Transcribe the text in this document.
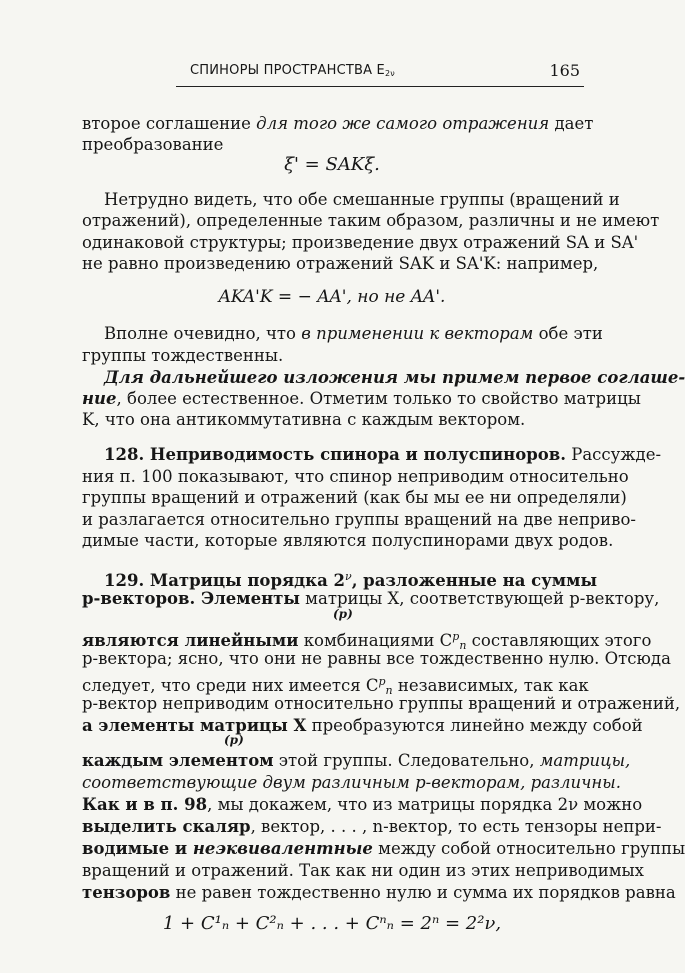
СПИНОРЫ ПРОСТРАНСТВА $E_{2\nu}$	165
второе соглашение для того же самого отражения дает
преобразование
ξ' = SAKξ.
Нетрудно видеть, что обе смешанные группы (вращений и
отражений), определенные таким образом, различны и не имеют
одинаковой структуры; произведение двух отражений SA и SA'
не равно произведению отражений SAK и SA'K: например,
AKA'K = − AA', но не AA'.
Вполне очевидно, что в применении к векторам обе эти
группы тождественны.
Для дальнейшего изложения мы примем первое соглаше-
ние, более естественное. Отметим только то свойство матрицы
K, что она антикоммутативна с каждым вектором.
128. Неприводимость спинора и полуспиноров. Рассужде-
ния п. 100 показывают, что спинор неприводим относительно
группы вращений и отражений (как бы мы ее ни определяли)
и разлагается относительно группы вращений на две неприво-
димые части, которые являются полуспинорами двух родов.
129. Матрицы порядка $2^\nu$, разложенные на суммы
p-векторов. Элементы матрицы X, соответствующей p-вектору,
(p)
являются линейными комбинациями $C^pn$ составляющих этого
p-вектора; ясно, что они не равны все тождественно нулю. Отсюда
следует, что среди них имеется $C^pn$ независимых, так как
p-вектор неприводим относительно группы вращений и отражений,
а элементы матрицы X преобразуются линейно между собой
(p)
каждым элементом этой группы. Следовательно, матрицы,
соответствующие двум различным p-векторам, различны.
Как и в п. 98, мы докажем, что из матрицы порядка 2ν можно
выделить скаляр, вектор, . . . , n-вектор, то есть тензоры непри-
водимые и неэквивалентные между собой относительно группы
вращений и отражений. Так как ни один из этих неприводимых
тензоров не равен тождественно нулю и сумма их порядков равна
1 + C¹ₙ + C²ₙ + . . . + Cⁿₙ = 2ⁿ = 2²ν,
